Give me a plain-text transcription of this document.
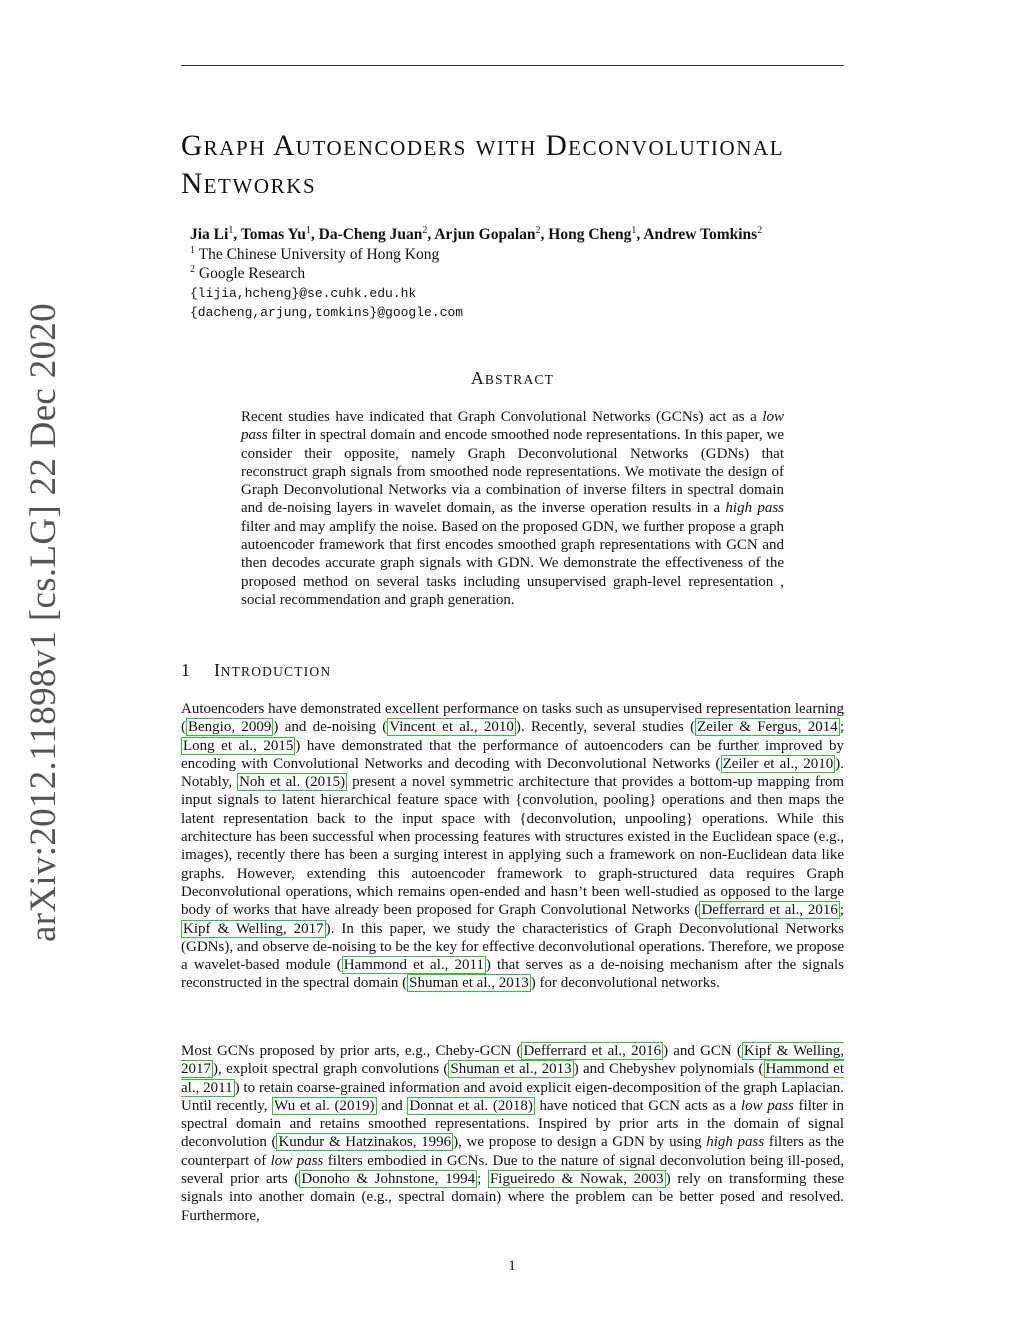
GRAPH AUTOENCODERS WITH DECONVOLUTIONAL
NETWORKS
Jia Li$^1$, Tomas Yu$^1$, Da-Cheng Juan$^2$, Arjun Gopalan$^2$, Hong Cheng$^1$, Andrew Tomkins$^2$
$^1$ The Chinese University of Hong Kong
$^2$ Google Research
{lijia,hcheng}@se.cuhk.edu.hk
{dacheng,arjung,tomkins}@google.com
arXiv:2012.11898v1 [cs.LG] 22 Dec 2020	ABSTRACT

Recent studies have indicated that Graph Convolutional Networks (GCNs) act as a low pass filter in spectral domain and encode smoothed node representations. In this paper, we consider their opposite, namely Graph Deconvolutional Networks (GDNs) that reconstruct graph signals from smoothed node representations. We motivate the design of Graph Deconvolutional Networks via a combination of inverse filters in spectral domain and de-noising layers in wavelet domain, as the inverse operation results in a high pass filter and may amplify the noise. Based on the proposed GDN, we further propose a graph autoencoder framework that first encodes smoothed graph representations with GCN and then decodes accurate graph signals with GDN. We demonstrate the effectiveness of the proposed method on several tasks including unsupervised graph-level representation , social recommendation and graph generation.

1 INTRODUCTION

Autoencoders have demonstrated excellent performance on tasks such as unsupervised representation learning ( Bengio, 2009 ) and de-noising ( Vincent et al., 2010 ). Recently, several studies ( Zeiler & Fergus, 2014 ; Long et al., 2015 ) have demonstrated that the performance of autoencoders can be further improved by encoding with Convolutional Networks and decoding with Deconvolutional Networks ( Zeiler et al., 2010 ). Notably, Noh et al. (2015) present a novel symmetric architecture that provides a bottom-up mapping from input signals to latent hierarchical feature space with {convolution, pooling} operations and then maps the latent representation back to the input space with {deconvolution, unpooling} operations. While this architecture has been successful when processing features with structures existed in the Euclidean space (e.g., images), recently there has been a surging interest in applying such a framework on non-Euclidean data like graphs. However, extending this autoencoder framework to graph-structured data requires Graph Deconvolutional operations, which remains open-ended and hasn’t been well-studied as opposed to the large body of works that have already been proposed for Graph Convolutional Networks ( Defferrard et al., 2016 ; Kipf & Welling, 2017 ). In this paper, we study the characteristics of Graph Deconvolutional Networks (GDNs), and observe de-noising to be the key for effective deconvolutional operations. Therefore, we propose a wavelet-based module ( Hammond et al., 2011 ) that serves as a de-noising mechanism after the signals reconstructed in the spectral domain ( Shuman et al., 2013 ) for deconvolutional networks.

Most GCNs proposed by prior arts, e.g., Cheby-GCN ( Defferrard et al., 2016 ) and GCN ( Kipf & Welling, 2017 ), exploit spectral graph convolutions ( Shuman et al., 2013 ) and Chebyshev polynomials ( Hammond et al., 2011 ) to retain coarse-grained information and avoid explicit eigen-decomposition of the graph Laplacian. Until recently, Wu et al. (2019) and Donnat et al. (2018) have noticed that GCN acts as a low pass filter in spectral domain and retains smoothed representations. Inspired by prior arts in the domain of signal deconvolution ( Kundur & Hatzinakos, 1996 ), we propose to design a GDN by using high pass filters as the counterpart of low pass filters embodied in GCNs. Due to the nature of signal deconvolution being ill-posed, several prior arts ( Donoho & Johnstone, 1994 ; Figueiredo & Nowak, 2003 ) rely on transforming these signals into another domain (e.g., spectral domain) where the problem can be better posed and resolved. Furthermore,

1
